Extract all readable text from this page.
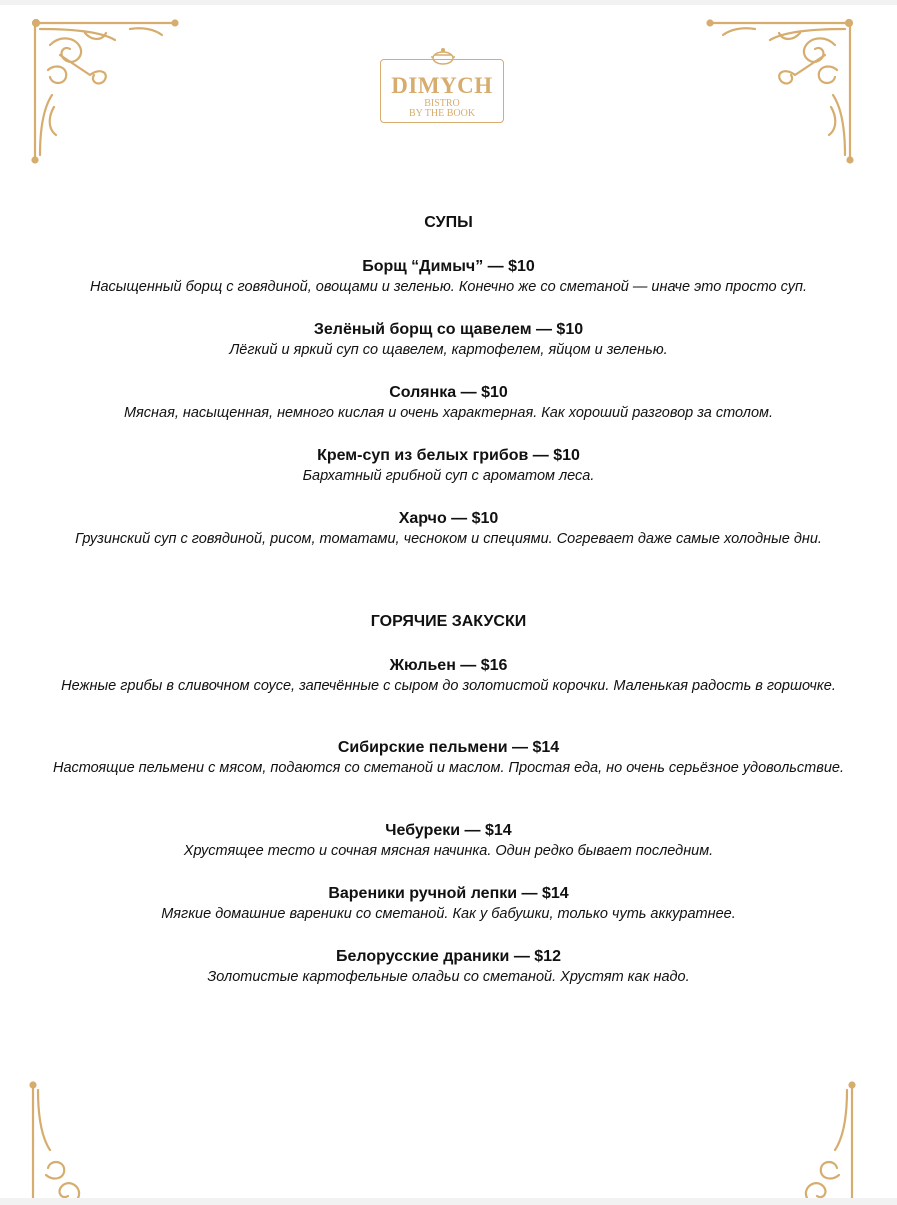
DIMYCH
BISTRO
BY THE BOOK
СУПЫ
Борщ “Димыч” — $10
Насыщенный борщ с говядиной, овощами и зеленью. Конечно же со сметаной — иначе это просто суп.
Зелёный борщ со щавелем — $10
Лёгкий и яркий суп со щавелем, картофелем, яйцом и зеленью.
Солянка — $10
Мясная, насыщенная, немного кислая и очень характерная. Как хороший разговор за столом.
Крем-суп из белых грибов — $10
Бархатный грибной суп с ароматом леса.
Харчо — $10
Грузинский суп с говядиной, рисом, томатами, чесноком и специями. Согревает даже самые холодные дни.
ГОРЯЧИЕ ЗАКУСКИ
Жюльен — $16
Нежные грибы в сливочном соусе, запечённые с сыром до золотистой корочки. Маленькая радость в горшочке.
Сибирские пельмени — $14
Настоящие пельмени с мясом, подаются со сметаной и маслом. Простая еда, но очень серьёзное удовольствие.
Чебуреки — $14
Хрустящее тесто и сочная мясная начинка. Один редко бывает последним.
Вареники ручной лепки — $14
Мягкие домашние вареники со сметаной. Как у бабушки, только чуть аккуратнее.
Белорусские драники — $12
Золотистые картофельные оладьи со сметаной. Хрустят как надо.
